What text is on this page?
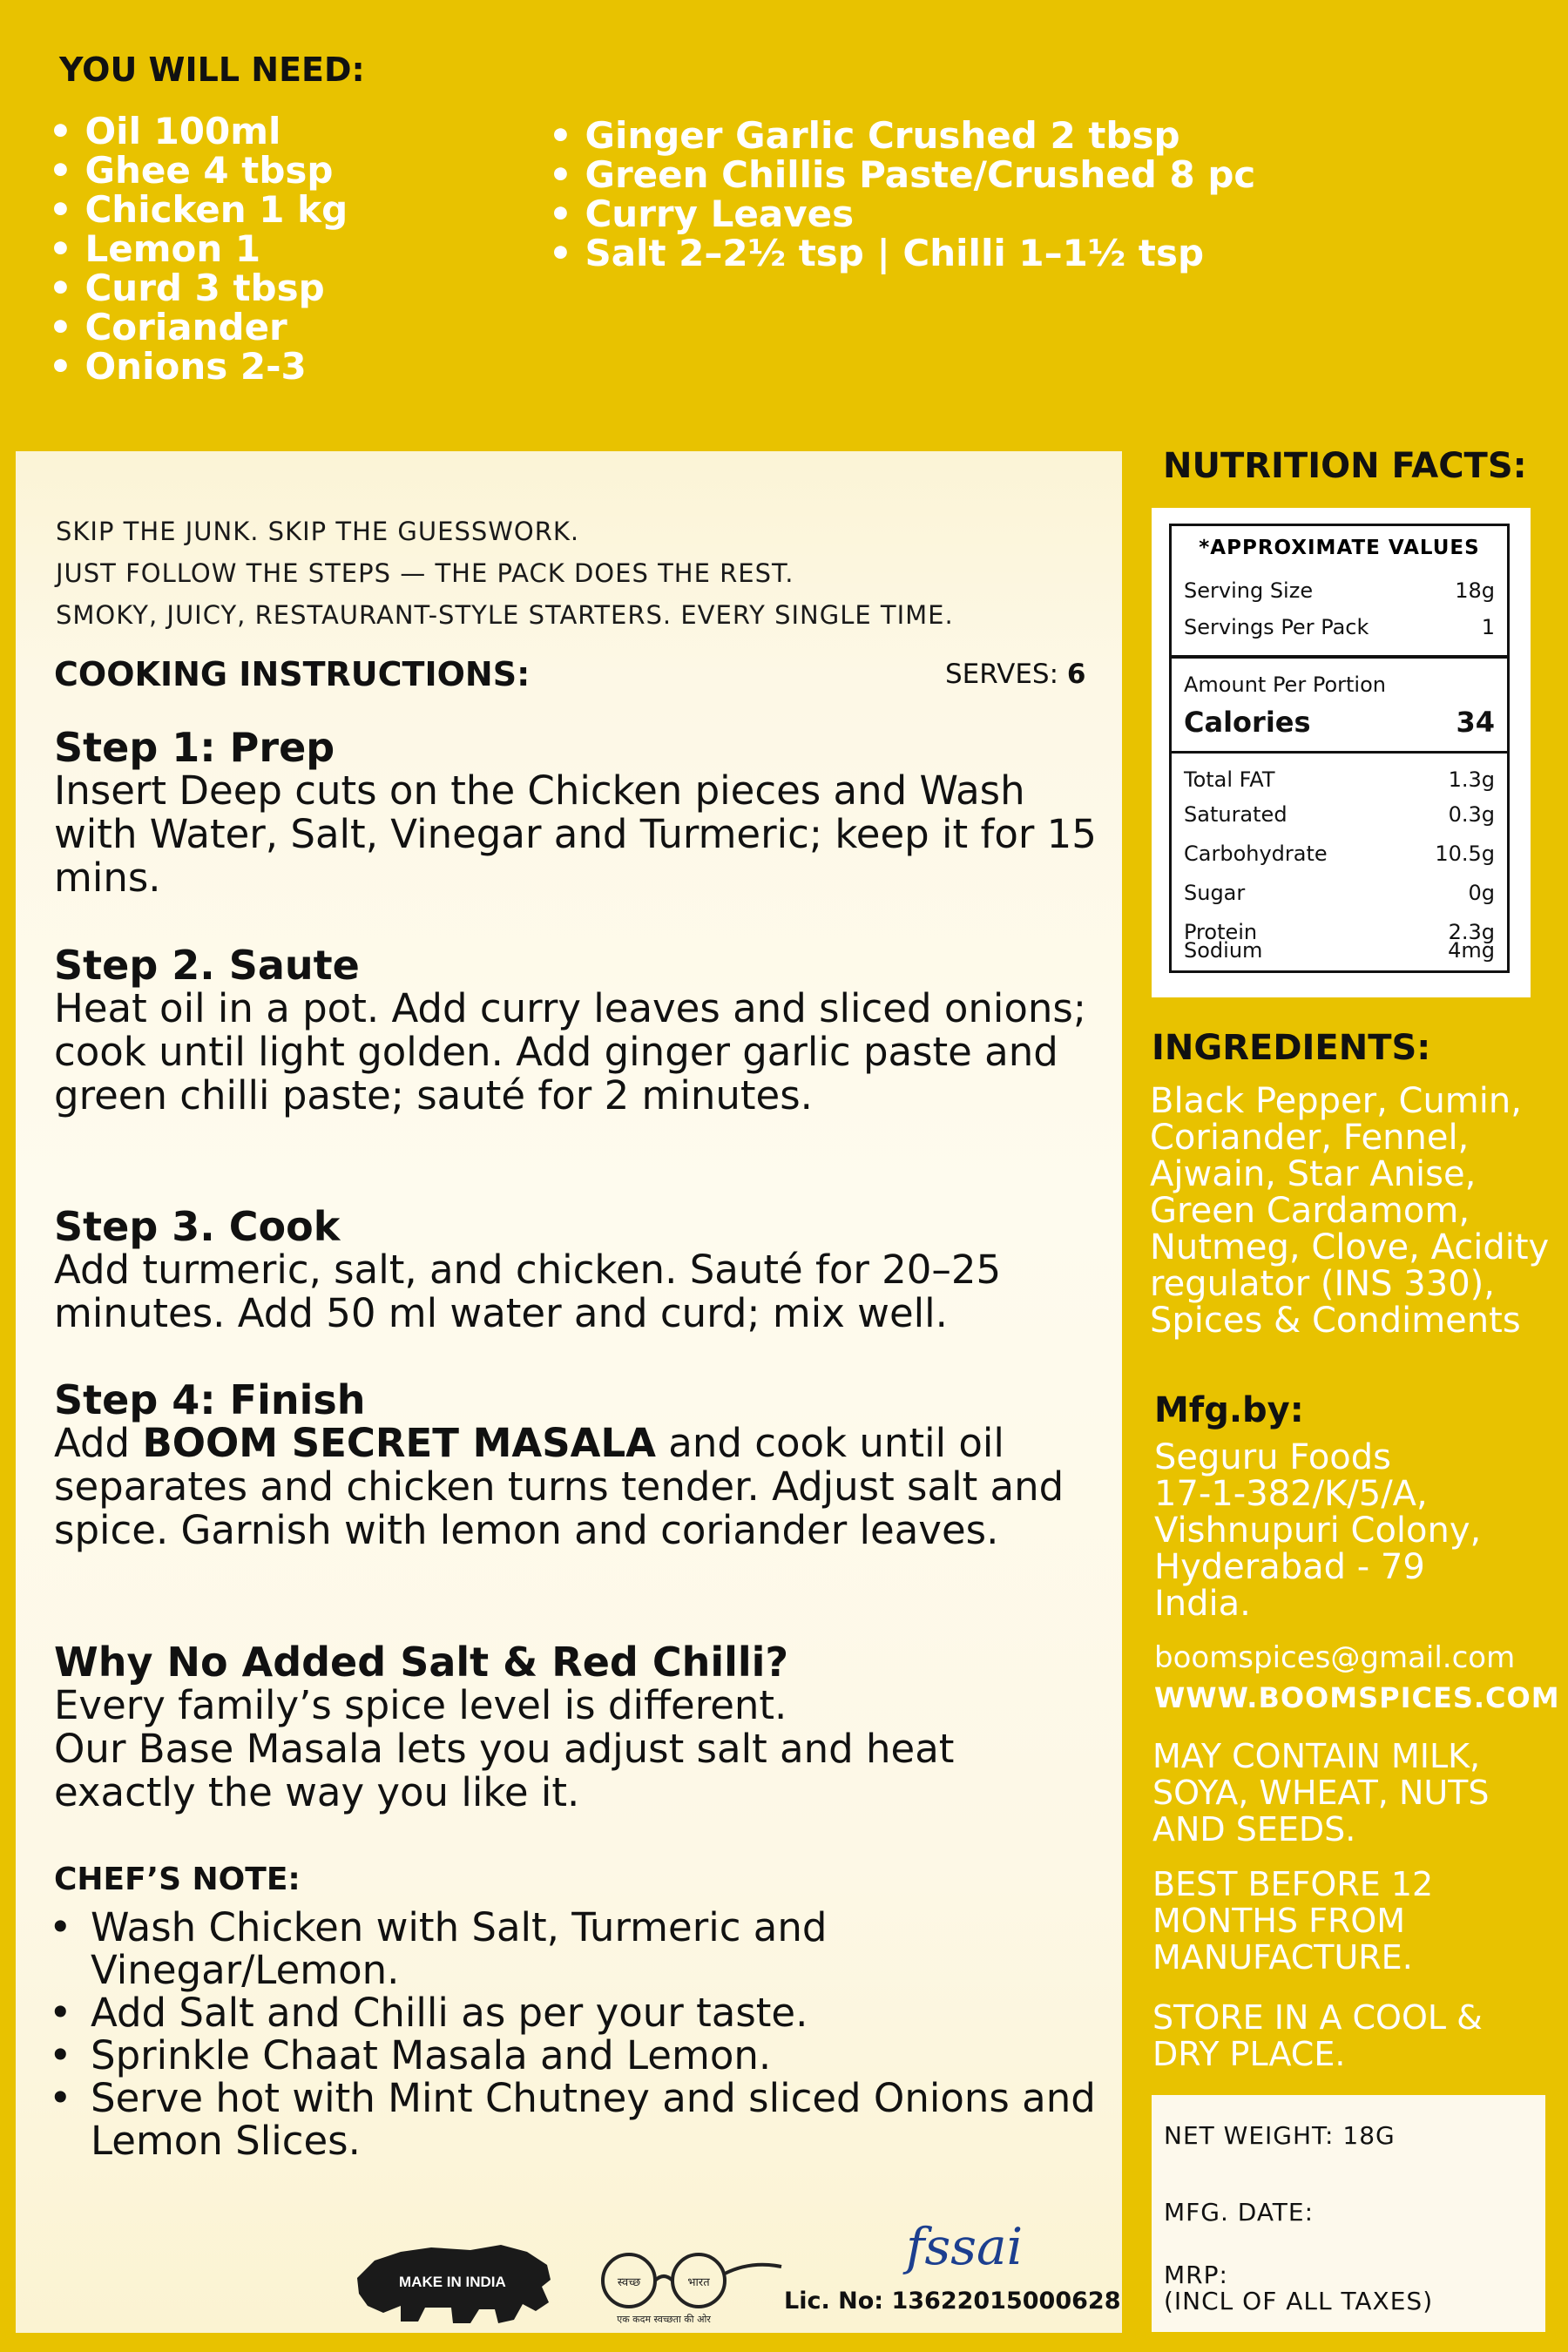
YOU WILL NEED:
• Oil 100ml
• Ghee 4 tbsp
• Chicken 1 kg
• Lemon 1
• Curd 3 tbsp
• Coriander
• Onions 2-3
• Ginger Garlic Crushed 2 tbsp
• Green Chillis Paste/Crushed 8 pc
• Curry Leaves
• Salt 2–2½ tsp | Chilli 1–1½ tsp
SKIP THE JUNK. SKIP THE GUESSWORK.
JUST FOLLOW THE STEPS — THE PACK DOES THE REST.
SMOKY, JUICY, RESTAURANT-STYLE STARTERS. EVERY SINGLE TIME.
COOKING INSTRUCTIONS:	SERVES: 6
Step 1: Prep
Insert Deep cuts on the Chicken pieces and Wash with Water, Salt, Vinegar and Turmeric; keep it for 15 mins.
Step 2. Saute
Heat oil in a pot. Add curry leaves and sliced onions; cook until light golden. Add ginger garlic paste and green chilli paste; sauté for 2 minutes.
Step 3. Cook
Add turmeric, salt, and chicken. Sauté for 20–25 minutes. Add 50 ml water and curd; mix well.
Step 4: Finish
Add BOOM SECRET MASALA and cook until oil separates and chicken turns tender. Adjust salt and spice. Garnish with lemon and coriander leaves.
Why No Added Salt & Red Chilli?
Every family’s spice level is different.
Our Base Masala lets you adjust salt and heat exactly the way you like it.
CHEF’S NOTE:
• Wash Chicken with Salt, Turmeric and Vinegar/Lemon.
• Add Salt and Chilli as per your taste.
• Sprinkle Chaat Masala and Lemon.
• Serve hot with Mint Chutney and sliced Onions and Lemon Slices.
MAKE IN INDIA	स्वच्छ	भारत
एक कदम स्वच्छता की ओर
fssai
Lic. No: 13622015000628
NUTRITION FACTS:
*APPROXIMATE VALUES
Serving Size	18g
Servings Per Pack	1
Amount Per Portion
Calories	34
Total FAT	1.3g
Saturated	0.3g
Carbohydrate	10.5g
Sugar	0g
Protein	2.3g
Sodium	4mg
INGREDIENTS:
Black Pepper, Cumin, Coriander, Fennel, Ajwain, Star Anise, Green Cardamom, Nutmeg, Clove, Acidity regulator (INS 330), Spices & Condiments
Mfg.by:
Seguru Foods
17-1-382/K/5/A,
Vishnupuri Colony,
Hyderabad - 79
India.
boomspices@gmail.com
WWW.BOOMSPICES.COM
MAY CONTAIN MILK, SOYA, WHEAT, NUTS AND SEEDS.
BEST BEFORE 12 MONTHS FROM MANUFACTURE.
STORE IN A COOL & DRY PLACE.
NET WEIGHT: 18G
MFG. DATE:
MRP:
(INCL OF ALL TAXES)
